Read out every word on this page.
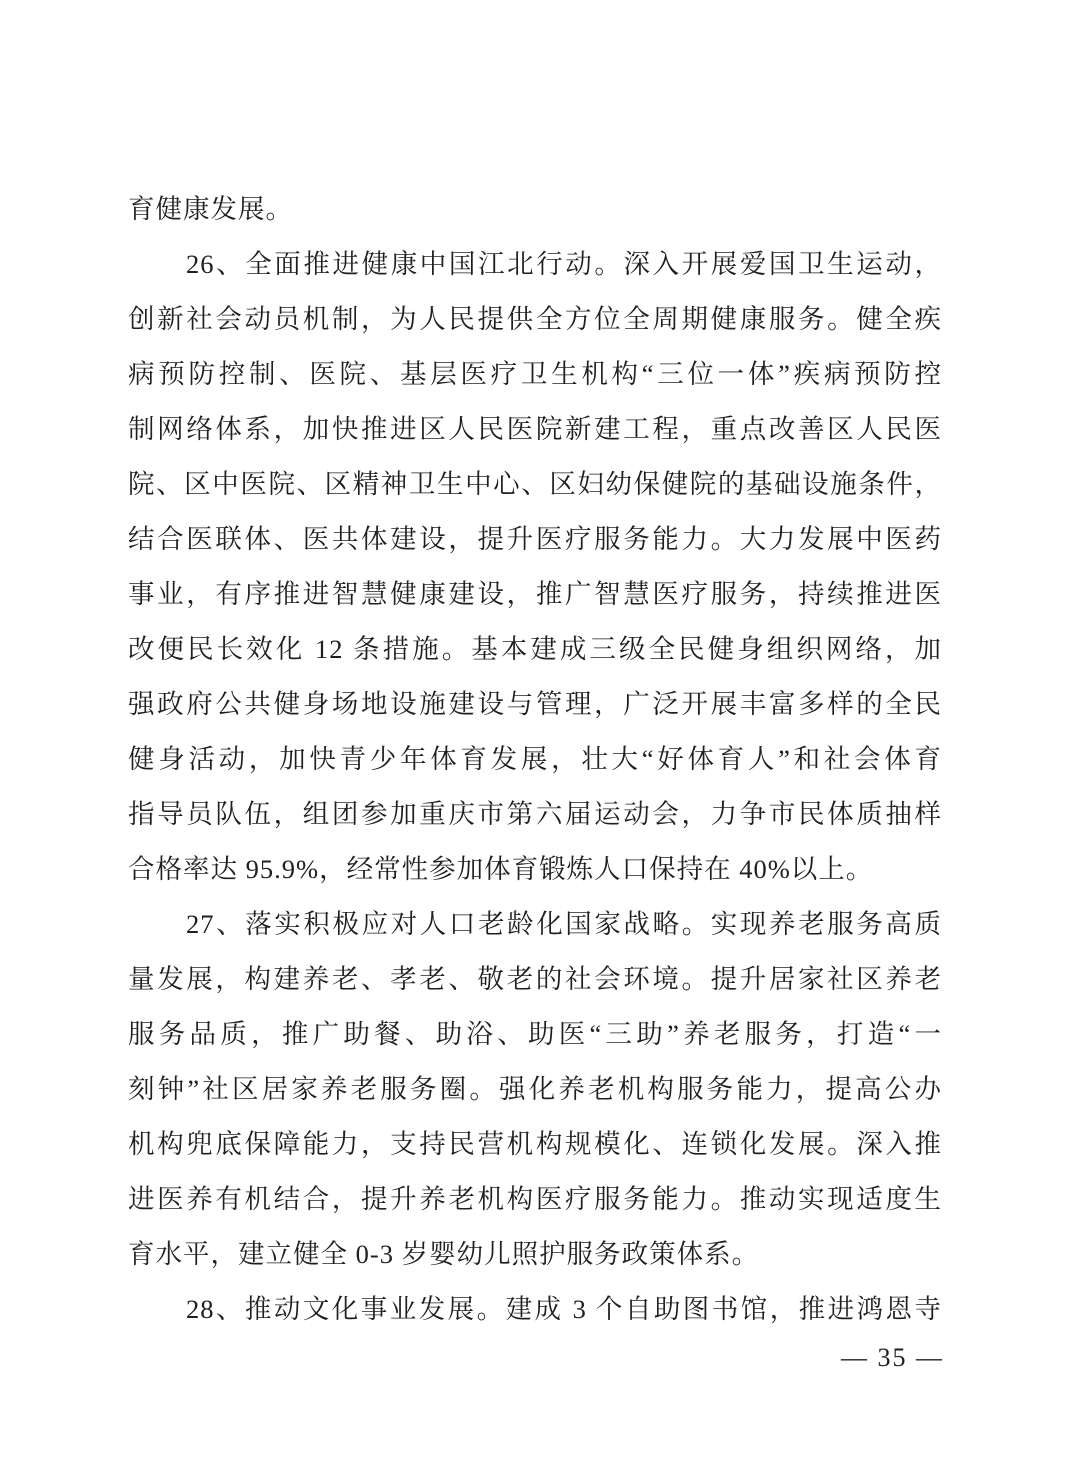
育健康发展。
26、全面推进健康中国江北行动。深入开展爱国卫生运动，
创新社会动员机制，为人民提供全方位全周期健康服务。健全疾
病预防控制、医院、基层医疗卫生机构“三位一体”疾病预防控
制网络体系，加快推进区人民医院新建工程，重点改善区人民医
院、区中医院、区精神卫生中心、区妇幼保健院的基础设施条件，
结合医联体、医共体建设，提升医疗服务能力。大力发展中医药
事业，有序推进智慧健康建设，推广智慧医疗服务，持续推进医
改便民长效化 12 条措施。基本建成三级全民健身组织网络，加
强政府公共健身场地设施建设与管理，广泛开展丰富多样的全民
健身活动，加快青少年体育发展，壮大“好体育人”和社会体育
指导员队伍，组团参加重庆市第六届运动会，力争市民体质抽样
合格率达 95.9%，经常性参加体育锻炼人口保持在 40%以上。
27、落实积极应对人口老龄化国家战略。实现养老服务高质
量发展，构建养老、孝老、敬老的社会环境。提升居家社区养老
服务品质，推广助餐、助浴、助医“三助”养老服务，打造“一
刻钟”社区居家养老服务圈。强化养老机构服务能力，提高公办
机构兜底保障能力，支持民营机构规模化、连锁化发展。深入推
进医养有机结合，提升养老机构医疗服务能力。推动实现适度生
育水平，建立健全 0-3 岁婴幼儿照护服务政策体系。
28、推动文化事业发展。建成 3 个自助图书馆，推进鸿恩寺
— 35 —
